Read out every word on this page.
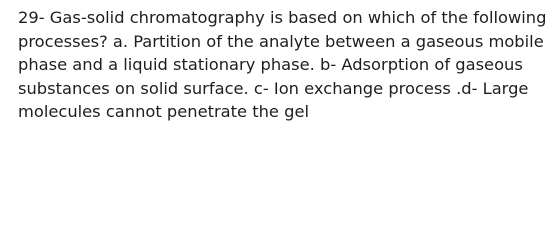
29- Gas-solid chromatography is based on which of the following processes? a. Partition of the analyte between a gaseous mobile phase and a liquid stationary phase. b- Adsorption of gaseous substances on solid surface. c- Ion exchange process .d- Large molecules cannot penetrate the gel
